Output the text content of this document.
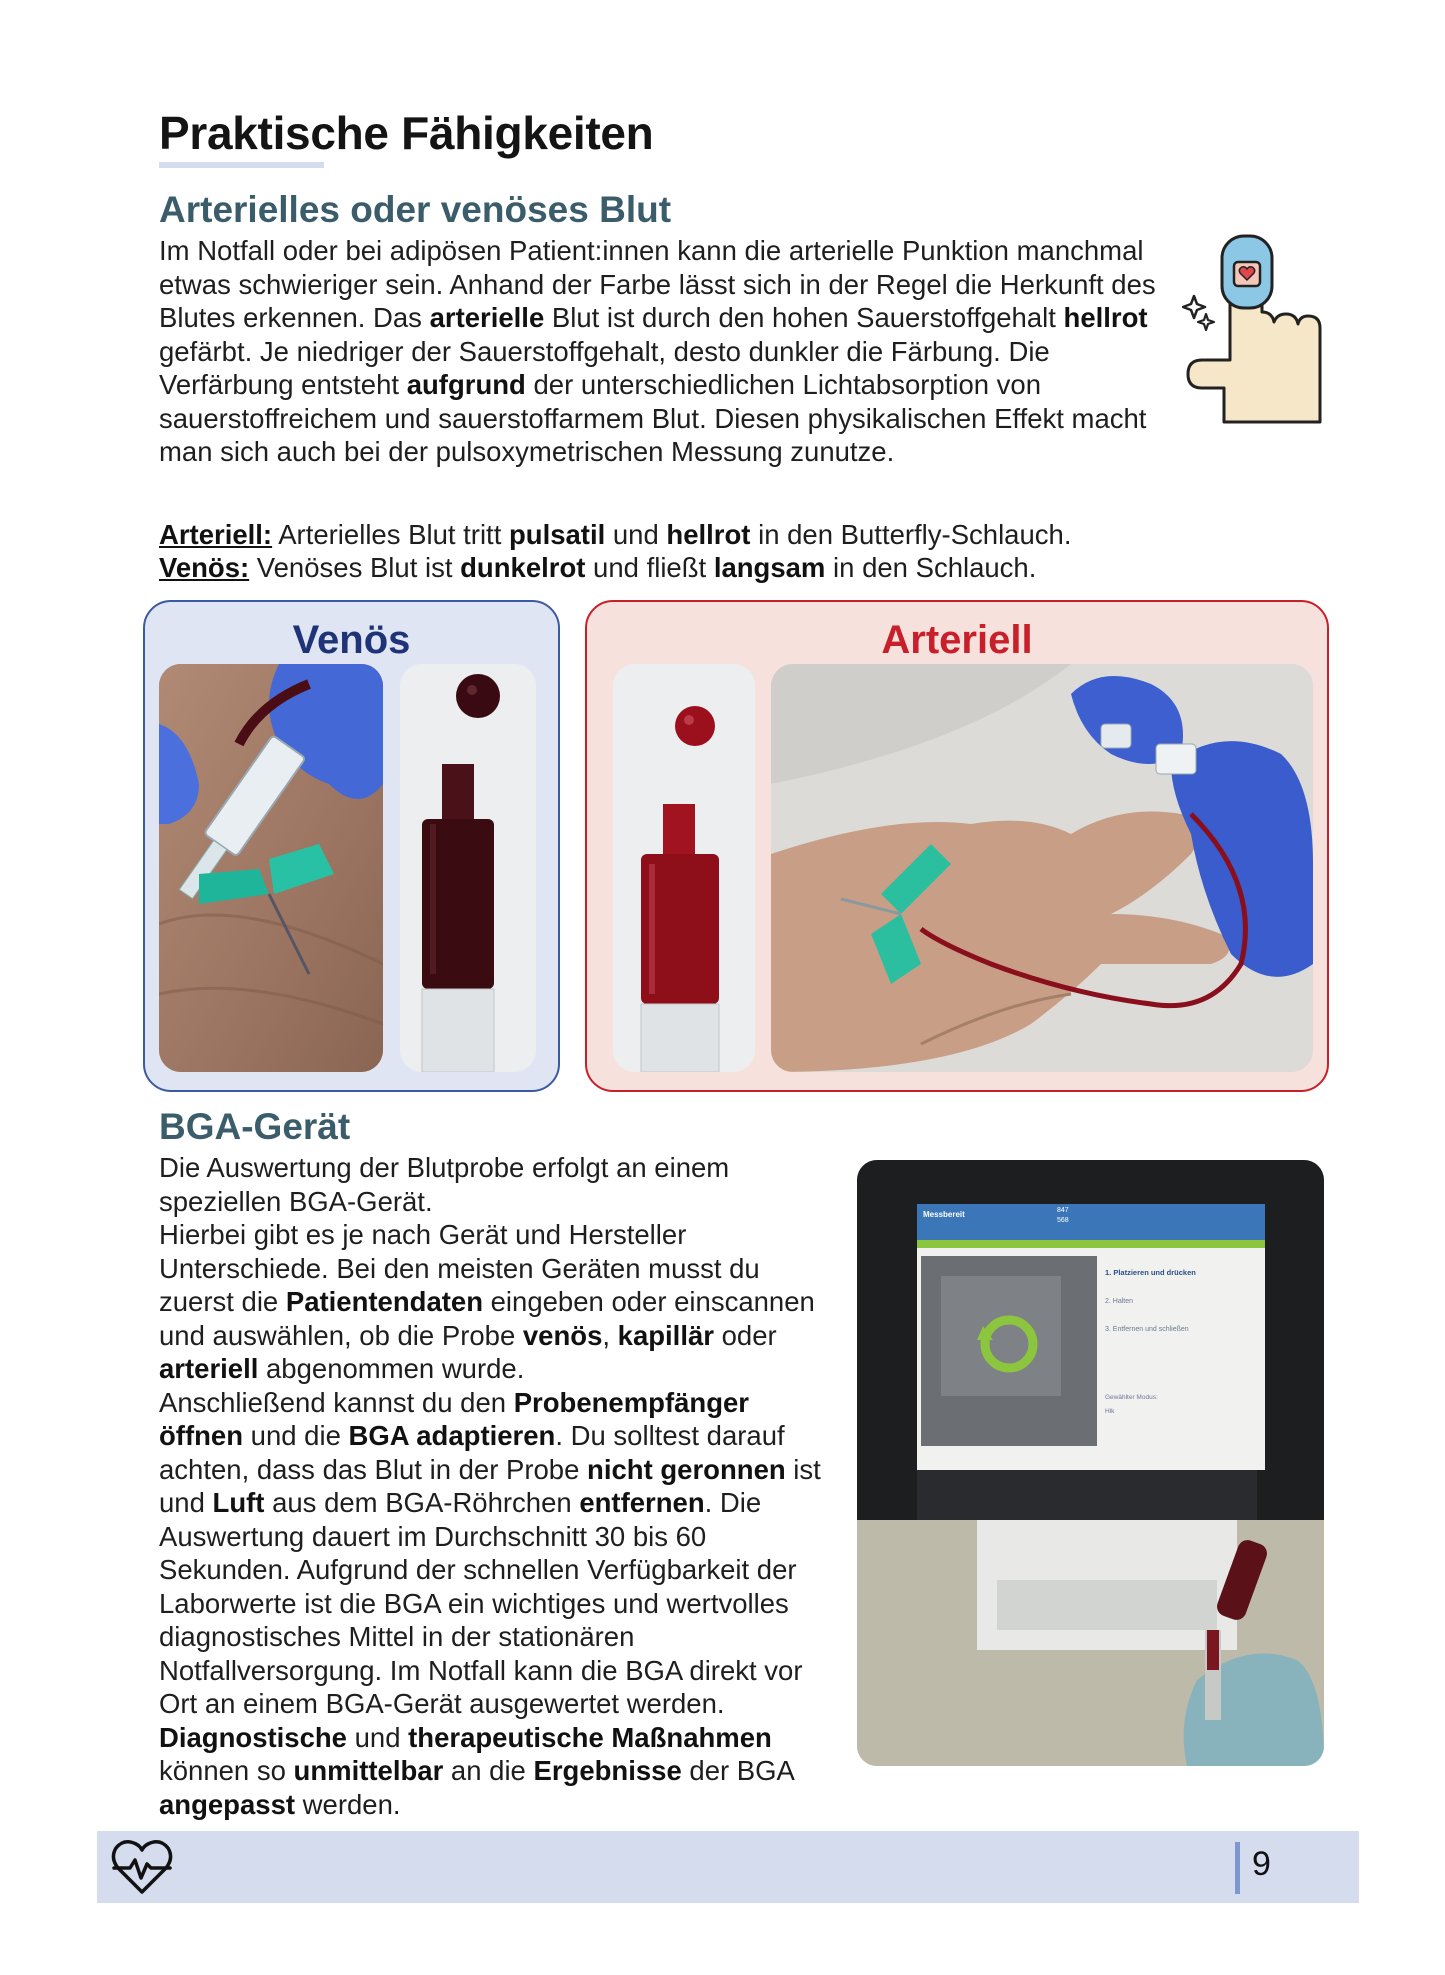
Praktische Fähigkeiten
Arterielles oder venöses Blut

Im Notfall oder bei adipösen Patient:innen kann die arterielle Punktion manchmal etwas schwieriger sein. Anhand der Farbe lässt sich in der Regel die Herkunft des Blutes erkennen. Das arterielle Blut ist durch den hohen Sauerstoffgehalt hellrot gefärbt. Je niedriger der Sauerstoffgehalt, desto dunkler die Färbung. Die Verfärbung entsteht aufgrund der unterschiedlichen Lichtabsorption von sauerstoffreichem und sauerstoffarmem Blut. Diesen physikalischen Effekt macht man sich auch bei der pulsoxymetrischen Messung zunutze.

Arteriell: Arterielles Blut tritt pulsatil und hellrot in den Butterfly-Schlauch.

Venös: Venöses Blut ist dunkelrot und fließt langsam in den Schlauch.

Venös	Arteriell
BGA-Gerät

Die Auswertung der Blutprobe erfolgt an einem speziellen BGA-Gerät.
Hierbei gibt es je nach Gerät und Hersteller Unterschiede. Bei den meisten Geräten musst du zuerst die Patientendaten eingeben oder einscannen und auswählen, ob die Probe venös, kapillär oder arteriell abgenommen wurde.
Anschließend kannst du den Probenempfänger öffnen und die BGA adaptieren. Du solltest darauf achten, dass das Blut in der Probe nicht geronnen ist und Luft aus dem BGA-Röhrchen entfernen. Die Auswertung dauert im Durchschnitt 30 bis 60 Sekunden. Aufgrund der schnellen Verfügbarkeit der Laborwerte ist die BGA ein wichtiges und wertvolles diagnostisches Mittel in der stationären Notfallversorgung. Im Notfall kann die BGA direkt vor Ort an einem BGA-Gerät ausgewertet werden.
Diagnostische und therapeutische Maßnahmen können so unmittelbar an die Ergebnisse der BGA angepasst werden.

Messbereit	847
568
1. Platzieren und drücken
2. Halten
3. Entfernen und schließen
Gewählter Modus:
Hlk
9
